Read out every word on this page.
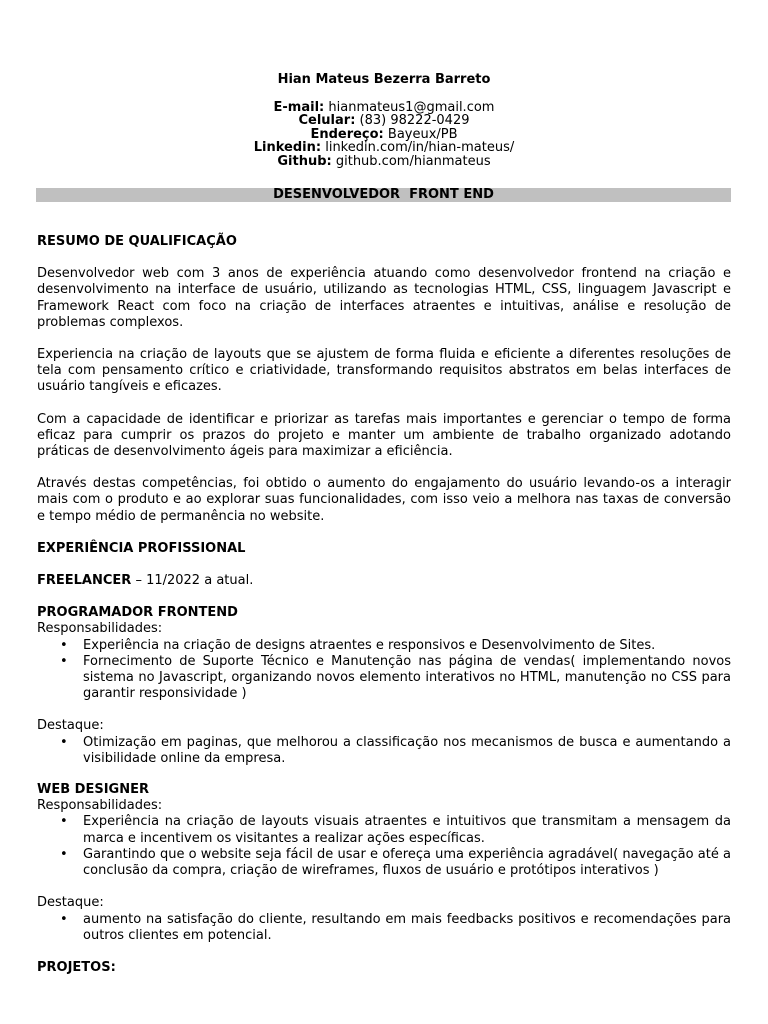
Hian Mateus Bezerra Barreto
E-mail: hianmateus1@gmail.com
Celular: (83) 98222-0429
Endereço: Bayeux/PB
Linkedin: linkedin.com/in/hian-mateus/
Github: github.com/hianmateus
DESENVOLVEDOR  FRONT END
RESUMO DE QUALIFICAÇÃO
Desenvolvedor web com 3 anos de experiência atuando como desenvolvedor frontend na criação e desenvolvimento na interface de usuário, utilizando as tecnologias HTML, CSS, linguagem Javascript e Framework React com foco na criação de interfaces atraentes e intuitivas, análise e resolução de problemas complexos.
Experiencia na criação de layouts que se ajustem de forma fluida e eficiente a diferentes resoluções de tela com pensamento crítico e criatividade, transformando requisitos abstratos em belas interfaces de usuário tangíveis e eficazes.
Com a capacidade de identificar e priorizar as tarefas mais importantes e gerenciar o tempo de forma eficaz para cumprir os prazos do projeto e manter um ambiente de trabalho organizado adotando práticas de desenvolvimento ágeis para maximizar a eficiência.
Através destas competências, foi obtido o aumento do engajamento do usuário levando-os a interagir mais com o produto e ao explorar suas funcionalidades, com isso veio a melhora nas taxas de conversão e tempo médio de permanência no website.
EXPERIÊNCIA PROFISSIONAL
FREELANCER – 11/2022 a atual.
PROGRAMADOR FRONTEND
Responsabilidades:
• Experiência na criação de designs atraentes e responsivos e Desenvolvimento de Sites.
• Fornecimento de Suporte Técnico e Manutenção nas página de vendas( implementando novos sistema no Javascript, organizando novos elemento interativos no HTML, manutenção no CSS para garantir responsividade )
Destaque:
• Otimização em paginas, que melhorou a classificação nos mecanismos de busca e aumentando a visibilidade online da empresa.
WEB DESIGNER
Responsabilidades:
• Experiência na criação de layouts visuais atraentes e intuitivos que transmitam a mensagem da marca e incentivem os visitantes a realizar ações específicas.
• Garantindo que o website seja fácil de usar e ofereça uma experiência agradável( navegação até a conclusão da compra, criação de wireframes, fluxos de usuário e protótipos interativos )
Destaque:
• aumento na satisfação do cliente, resultando em mais feedbacks positivos e recomendações para outros clientes em potencial.
PROJETOS:
